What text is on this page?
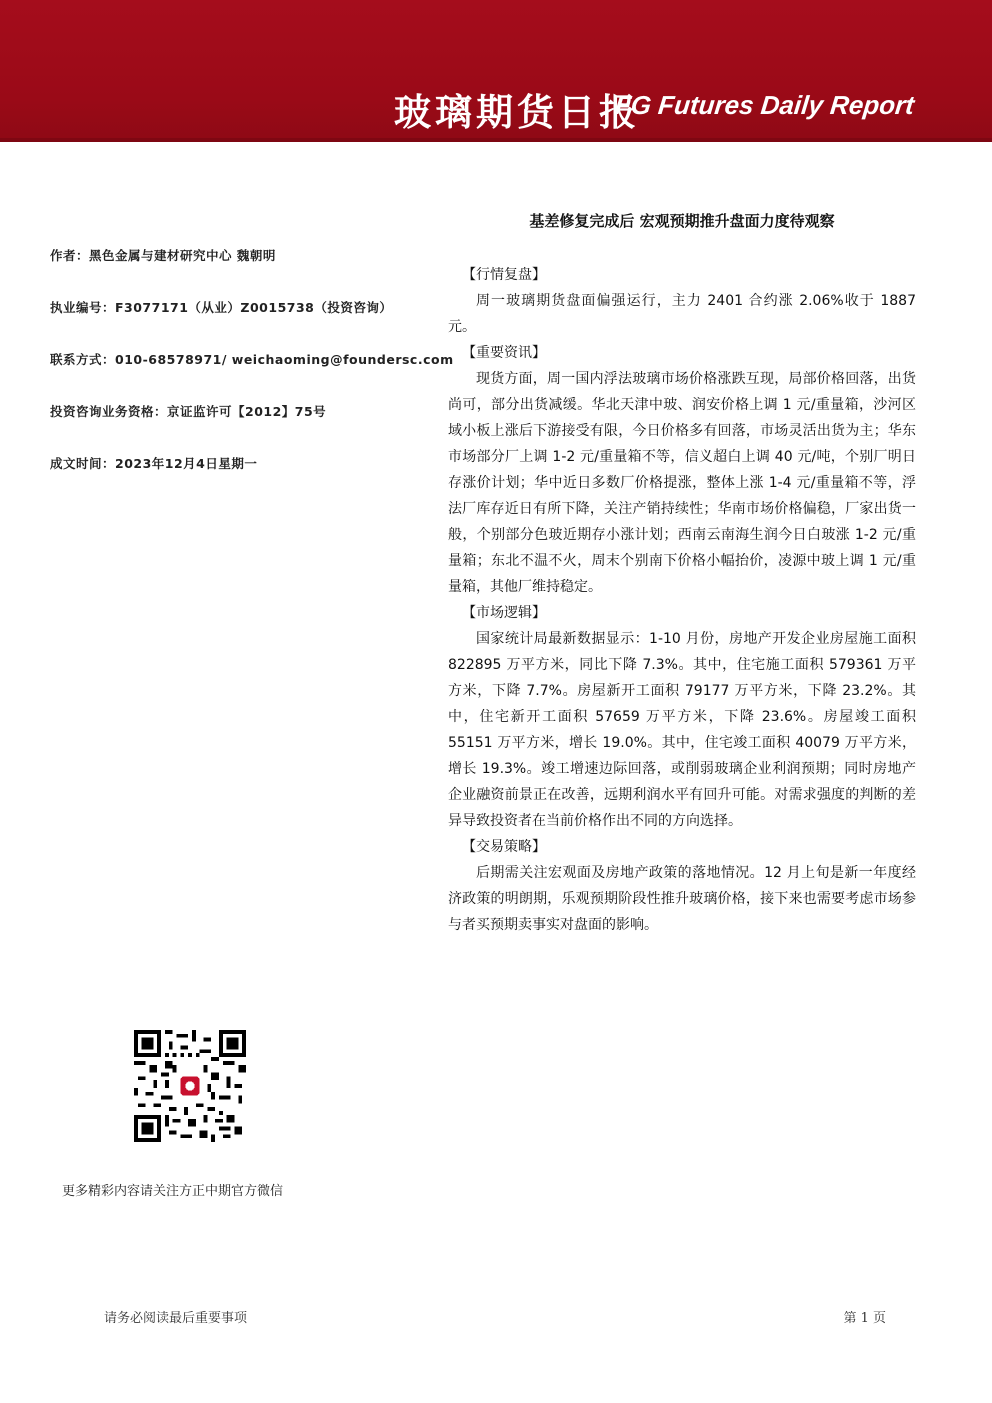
玻璃期货日报
FG Futures Daily Report
基差修复完成后 宏观预期推升盘面力度待观察
作者：黑色金属与建材研究中心 魏朝明
执业编号：F3077171（从业）Z0015738（投资咨询）
联系方式：010-68578971/ weichaoming@foundersc.com
投资咨询业务资格：京证监许可【2012】75号
成文时间：2023年12月4日星期一
【行情复盘】

周一玻璃期货盘面偏强运行，主力 2401 合约涨 2.06%收于 1887 元。

【重要资讯】

现货方面，周一国内浮法玻璃市场价格涨跌互现，局部价格回落，出货尚可，部分出货减缓。华北天津中玻、润安价格上调 1 元/重量箱，沙河区域小板上涨后下游接受有限，今日价格多有回落，市场灵活出货为主；华东市场部分厂上调 1-2 元/重量箱不等，信义超白上调 40 元/吨，个别厂明日存涨价计划；华中近日多数厂价格提涨，整体上涨 1-4 元/重量箱不等，浮法厂库存近日有所下降，关注产销持续性；华南市场价格偏稳，厂家出货一般，个别部分色玻近期存小涨计划；西南云南海生润今日白玻涨 1-2 元/重量箱；东北不温不火，周末个别南下价格小幅抬价，凌源中玻上调 1 元/重量箱，其他厂维持稳定。

【市场逻辑】

国家统计局最新数据显示：1-10 月份，房地产开发企业房屋施工面积 822895 万平方米，同比下降 7.3%。其中，住宅施工面积 579361 万平方米，下降 7.7%。房屋新开工面积 79177 万平方米，下降 23.2%。其中，住宅新开工面积 57659 万平方米，下降 23.6%。房屋竣工面积 55151 万平方米，增长 19.0%。其中，住宅竣工面积 40079 万平方米，增长 19.3%。竣工增速边际回落，或削弱玻璃企业利润预期；同时房地产企业融资前景正在改善，远期利润水平有回升可能。对需求强度的判断的差异导致投资者在当前价格作出不同的方向选择。

【交易策略】

后期需关注宏观面及房地产政策的落地情况。12 月上旬是新一年度经济政策的明朗期，乐观预期阶段性推升玻璃价格，接下来也需要考虑市场参与者买预期卖事实对盘面的影响。

更多精彩内容请关注方正中期官方微信
请务必阅读最后重要事项	第 1 页
